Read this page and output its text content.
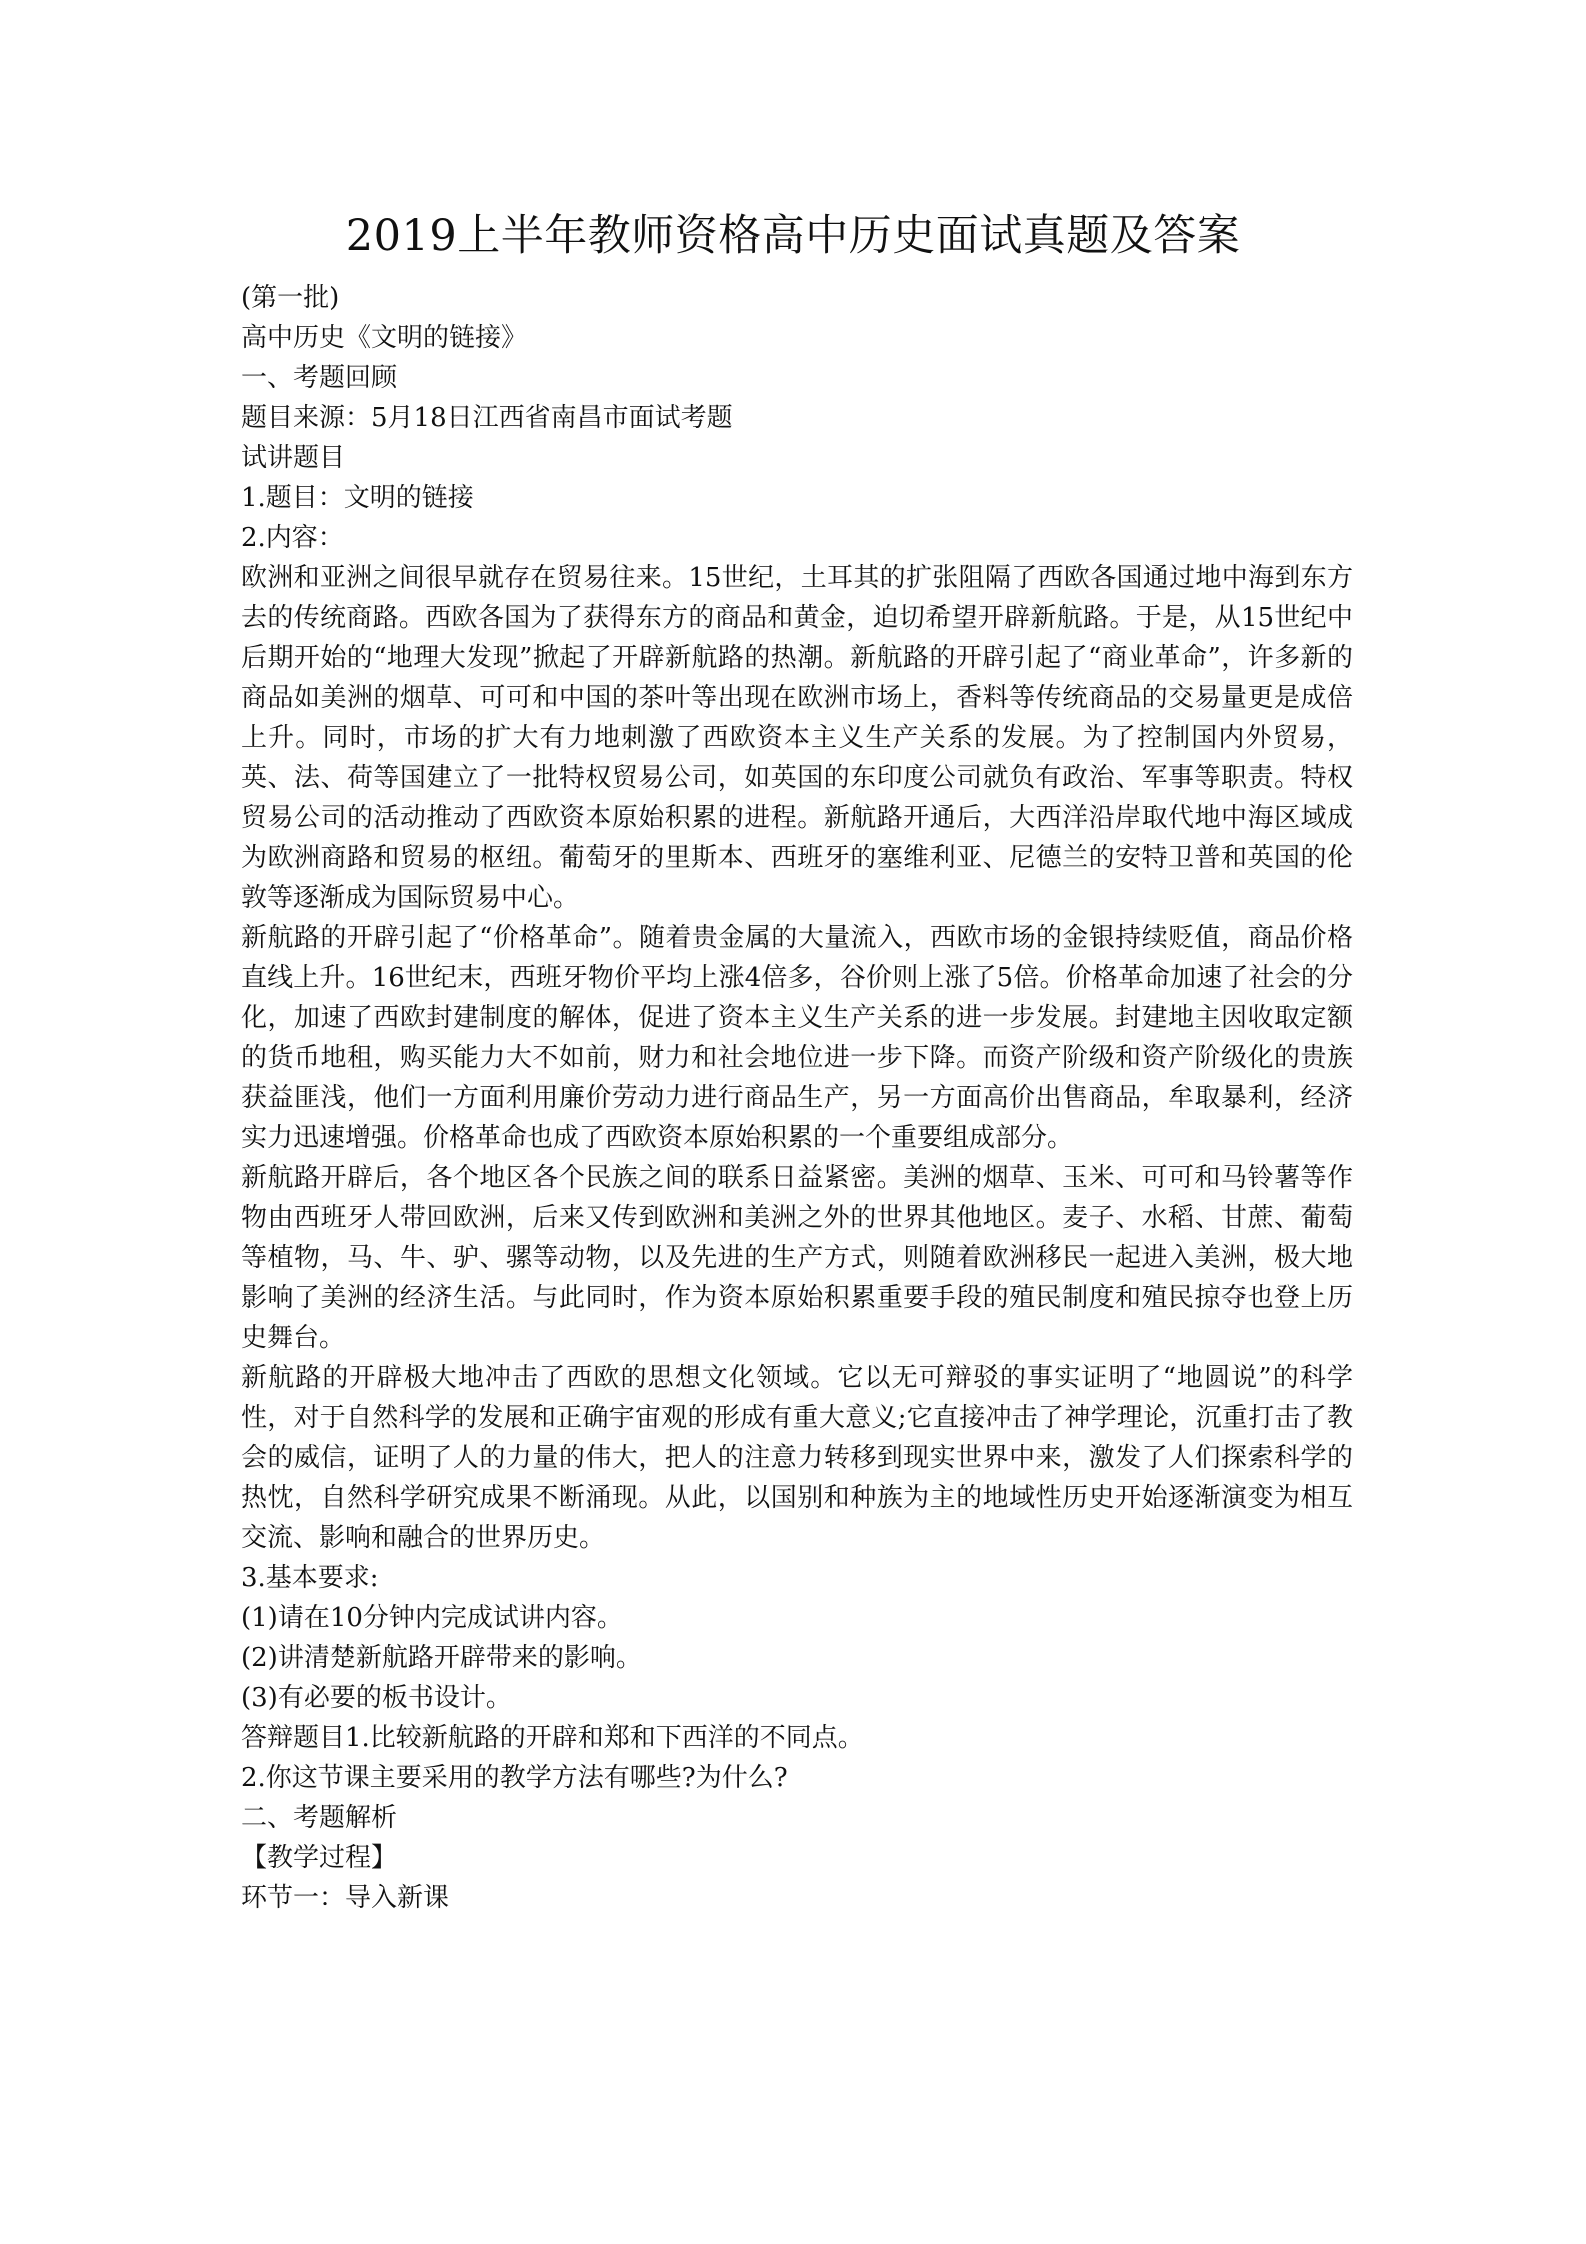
2019上半年教师资格高中历史面试真题及答案

(第一批)

高中历史《文明的链接》

一、考题回顾

题目来源：5月18日江西省南昌市面试考题

试讲题目

1.题目：文明的链接

2.内容：

欧洲和亚洲之间很早就存在贸易往来。15世纪，土耳其的扩张阻隔了西欧各国通过地中海到东方去的传统商路。西欧各国为了获得东方的商品和黄金，迫切希望开辟新航路。于是，从15世纪中后期开始的“地理大发现”掀起了开辟新航路的热潮。新航路的开辟引起了“商业革命”，许多新的商品如美洲的烟草、可可和中国的茶叶等出现在欧洲市场上，香料等传统商品的交易量更是成倍上升。同时，市场的扩大有力地刺激了西欧资本主义生产关系的发展。为了控制国内外贸易，英、法、荷等国建立了一批特权贸易公司，如英国的东印度公司就负有政治、军事等职责。特权贸易公司的活动推动了西欧资本原始积累的进程。新航路开通后，大西洋沿岸取代地中海区域成为欧洲商路和贸易的枢纽。葡萄牙的里斯本、西班牙的塞维利亚、尼德兰的安特卫普和英国的伦敦等逐渐成为国际贸易中心。

新航路的开辟引起了“价格革命”。随着贵金属的大量流入，西欧市场的金银持续贬值，商品价格直线上升。16世纪末，西班牙物价平均上涨4倍多，谷价则上涨了5倍。价格革命加速了社会的分化，加速了西欧封建制度的解体，促进了资本主义生产关系的进一步发展。封建地主因收取定额的货币地租，购买能力大不如前，财力和社会地位进一步下降。而资产阶级和资产阶级化的贵族获益匪浅，他们一方面利用廉价劳动力进行商品生产，另一方面高价出售商品，牟取暴利，经济实力迅速增强。价格革命也成了西欧资本原始积累的一个重要组成部分。

新航路开辟后，各个地区各个民族之间的联系日益紧密。美洲的烟草、玉米、可可和马铃薯等作物由西班牙人带回欧洲，后来又传到欧洲和美洲之外的世界其他地区。麦子、水稻、甘蔗、葡萄等植物，马、牛、驴、骡等动物，以及先进的生产方式，则随着欧洲移民一起进入美洲，极大地影响了美洲的经济生活。与此同时，作为资本原始积累重要手段的殖民制度和殖民掠夺也登上历史舞台。

新航路的开辟极大地冲击了西欧的思想文化领域。它以无可辩驳的事实证明了“地圆说”的科学性，对于自然科学的发展和正确宇宙观的形成有重大意义;它直接冲击了神学理论，沉重打击了教会的威信，证明了人的力量的伟大，把人的注意力转移到现实世界中来，激发了人们探索科学的热忱，自然科学研究成果不断涌现。从此，以国别和种族为主的地域性历史开始逐渐演变为相互交流、影响和融合的世界历史。

3.基本要求:

(1)请在10分钟内完成试讲内容。

(2)讲清楚新航路开辟带来的影响。

(3)有必要的板书设计。

答辩题目1.比较新航路的开辟和郑和下西洋的不同点。

2.你这节课主要采用的教学方法有哪些?为什么?

二、考题解析

【教学过程】

环节一：导入新课
